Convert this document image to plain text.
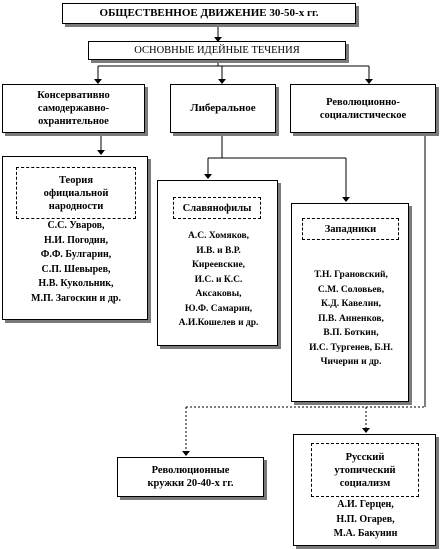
ОБЩЕСТВЕННОЕ ДВИЖЕНИЕ 30-50-х гг.
ОСНОВНЫЕ ИДЕЙНЫЕ ТЕЧЕНИЯ
Консервативно самодержавно-охранительное
Либеральное	Революционно-социалистическое
Теория официальной народности
С.С. Уваров,
Н.И. Погодин,
Ф.Ф. Булгарин,
С.П. Шевырев,
Н.В. Кукольник,
М.П. Загоскин и др.
Славянофилы
А.С. Хомяков,
И.В. и В.Р.
Киреевские,
И.С. и К.С.
Аксаковы,
Ю.Ф. Самарин,
А.И.Кошелев и др.
Западники
Т.Н. Грановский,
С.М. Соловьев,
К.Д. Кавелин,
П.В. Анненков,
В.П. Боткин,
И.С. Тургенев, Б.Н.
Чичерин и др.
Революционные кружки 20-40-х гг.
Русский утопический социализм
А.И. Герцен,
Н.П. Огарев,
М.А. Бакунин
